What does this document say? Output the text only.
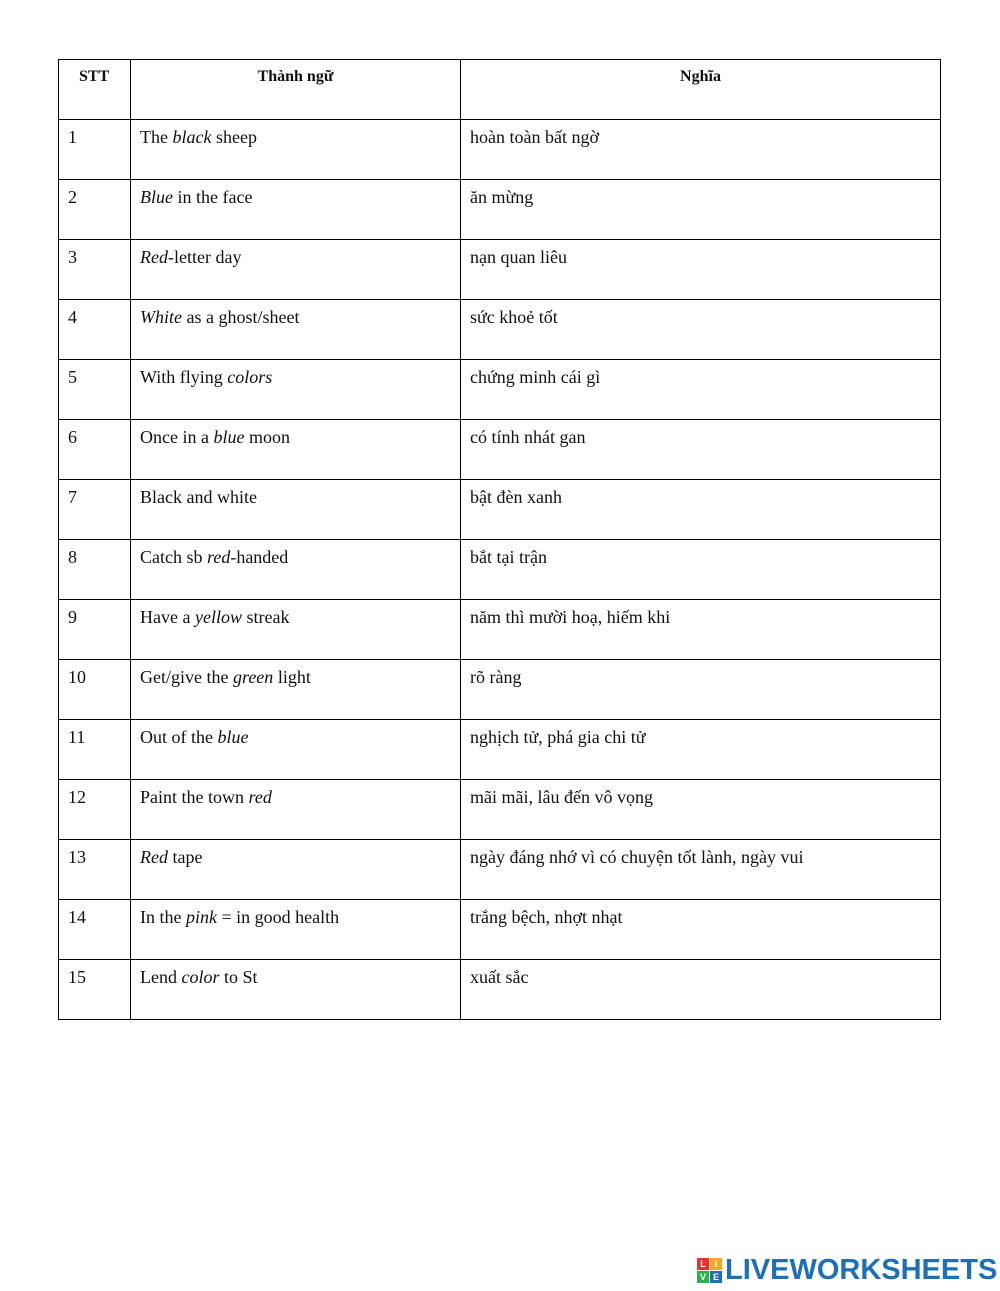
STT	Thành ngữ	Nghĩa
1	The black sheep	hoàn toàn bất ngờ
2	Blue in the face	ăn mừng
3	Red-letter day	nạn quan liêu
4	White as a ghost/sheet	sức khoẻ tốt
5	With flying colors	chứng minh cái gì
6	Once in a blue moon	có tính nhát gan
7	Black and white	bật đèn xanh
8	Catch sb red-handed	bắt tại trận
9	Have a yellow streak	năm thì mười hoạ, hiếm khi
10	Get/give the green light	rõ ràng
11	Out of the blue	nghịch tử, phá gia chi tử
12	Paint the town red	mãi mãi, lâu đến vô vọng
13	Red tape	ngày đáng nhớ vì có chuyện tốt lành, ngày vui
14	In the pink = in good health	trắng bệch, nhợt nhạt
15	Lend color to St	xuất sắc
L I
V E LIVEWORKSHEETS
